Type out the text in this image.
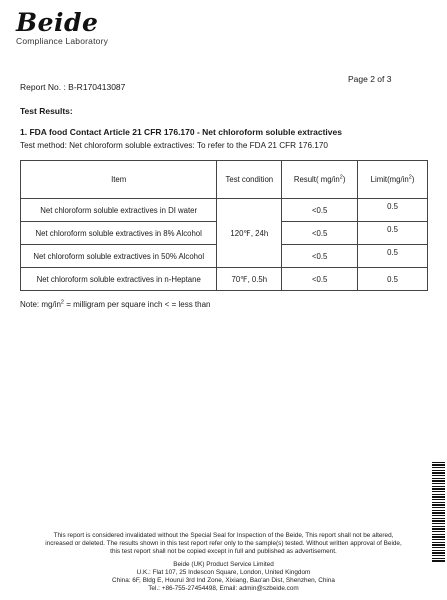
Beide
Compliance Laboratory
Page 2 of 3
Report No. : B-R170413087
Test Results:
1. FDA food Contact Article 21 CFR 176.170 - Net chloroform soluble extractives
Test method: Net chloroform soluble extractives: To refer to the FDA 21 CFR 176.170
Item	Test condition	Result( $mg/in^2$)	$Limit(mg/in^2)$
Net chloroform soluble extractives in DI water	120℉, 24h	<0.5	0.5
Net chloroform soluble extractives in 8% Alcohol		<0.5	0.5
Net chloroform soluble extractives in 50% Alcohol		<0.5	0.5
Net chloroform soluble extractives in n-Heptane	70℉, 0.5h	<0.5	0.5
Note: $mg/in^2$ = milligram per square inch < = less than
This report is considered invalidated without the Special Seal for Inspection of the Beide, This report shall not be altered,
increased or deleted. The results shown in this test report refer only to the sample(s) tested. Without written approval of Beide,
this test report shall not be copied except in full and published as advertisement.
Beide (UK) Product Service Limited
U.K.: Flat 107, 25 Indescon Square, London, United Kingdom
China: 6F, Bldg E, Hourui 3rd Ind Zone, Xixiang, Bao'an Dist, Shenzhen, China
Tel.: +86-755-27454498, Email: admin@szbeide.com
